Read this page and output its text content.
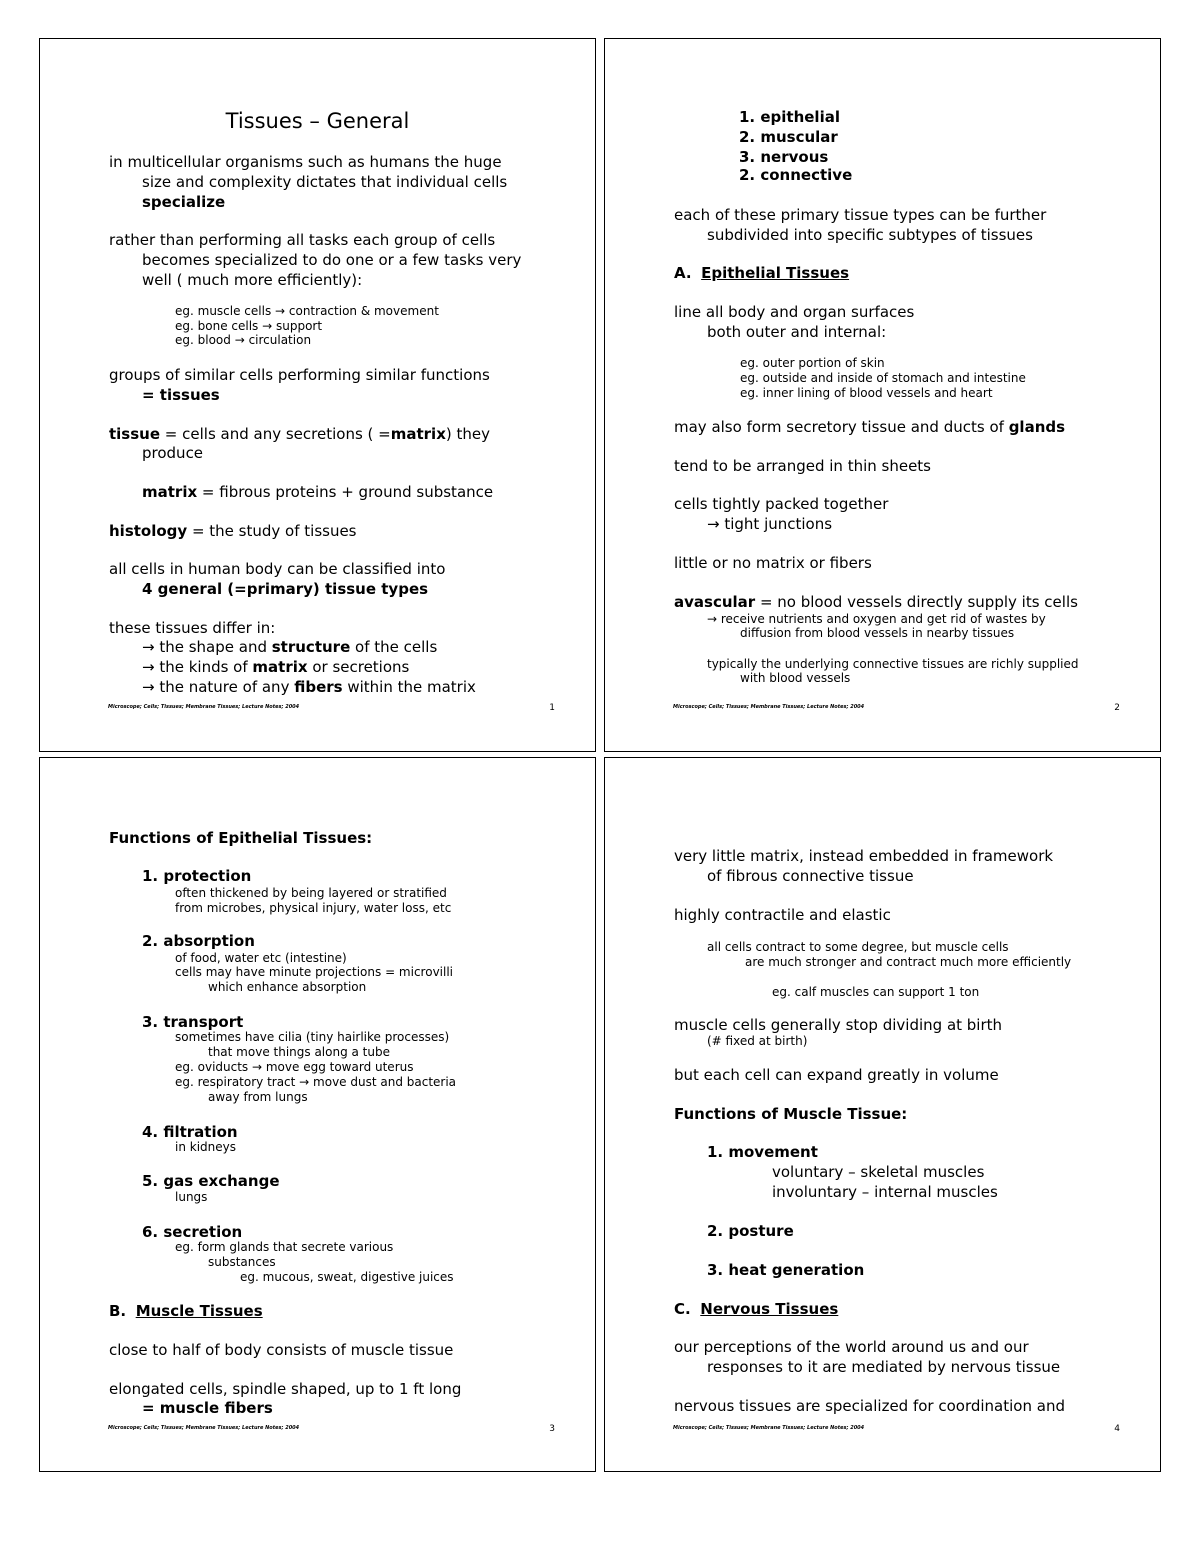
Tissues – General
in multicellular organisms such as humans the huge
size and complexity dictates that individual cells
specialize
rather than performing all tasks each group of cells
becomes specialized to do one or a few tasks very
well ( much more efficiently):
eg. muscle cells → contraction & movement
eg. bone cells → support
eg. blood → circulation
groups of similar cells performing similar functions
= tissues
tissue = cells and any secretions ( =matrix) they
produce
matrix = fibrous proteins + ground substance
histology = the study of tissues
all cells in human body can be classified into
4 general (=primary) tissue types
these tissues differ in:
→ the shape and structure of the cells
→ the kinds of matrix or secretions
→ the nature of any fibers within the matrix
Microscope; Cells; Tissues; Membrane Tissues; Lecture Notes; 2004	1
1. epithelial
2. muscular
3. nervous
2. connective
each of these primary tissue types can be further
subdivided into specific subtypes of tissues
A. Epithelial Tissues
line all body and organ surfaces
both outer and internal:
eg. outer portion of skin
eg. outside and inside of stomach and intestine
eg. inner lining of blood vessels and heart
may also form secretory tissue and ducts of glands
tend to be arranged in thin sheets
cells tightly packed together
→ tight junctions
little or no matrix or fibers
avascular = no blood vessels directly supply its cells
→ receive nutrients and oxygen and get rid of wastes by
diffusion from blood vessels in nearby tissues
typically the underlying connective tissues are richly supplied
with blood vessels
Microscope; Cells; Tissues; Membrane Tissues; Lecture Notes; 2004	2
Functions of Epithelial Tissues:
1. protection
often thickened by being layered or stratified
from microbes, physical injury, water loss, etc
2. absorption
of food, water etc (intestine)
cells may have minute projections = microvilli
which enhance absorption
3. transport
sometimes have cilia (tiny hairlike processes)
that move things along a tube
eg. oviducts → move egg toward uterus
eg. respiratory tract → move dust and bacteria
away from lungs
4. filtration
in kidneys
5. gas exchange
lungs
6. secretion
eg. form glands that secrete various
substances
eg. mucous, sweat, digestive juices
B. Muscle Tissues
close to half of body consists of muscle tissue
elongated cells, spindle shaped, up to 1 ft long
= muscle fibers
Microscope; Cells; Tissues; Membrane Tissues; Lecture Notes; 2004	3
very little matrix, instead embedded in framework
of fibrous connective tissue
highly contractile and elastic
all cells contract to some degree, but muscle cells
are much stronger and contract much more efficiently
eg. calf muscles can support 1 ton
muscle cells generally stop dividing at birth
(# fixed at birth)
but each cell can expand greatly in volume
Functions of Muscle Tissue:
1. movement
voluntary – skeletal muscles
involuntary – internal muscles
2. posture
3. heat generation
C. Nervous Tissues
our perceptions of the world around us and our
responses to it are mediated by nervous tissue
nervous tissues are specialized for coordination and
Microscope; Cells; Tissues; Membrane Tissues; Lecture Notes; 2004	4
